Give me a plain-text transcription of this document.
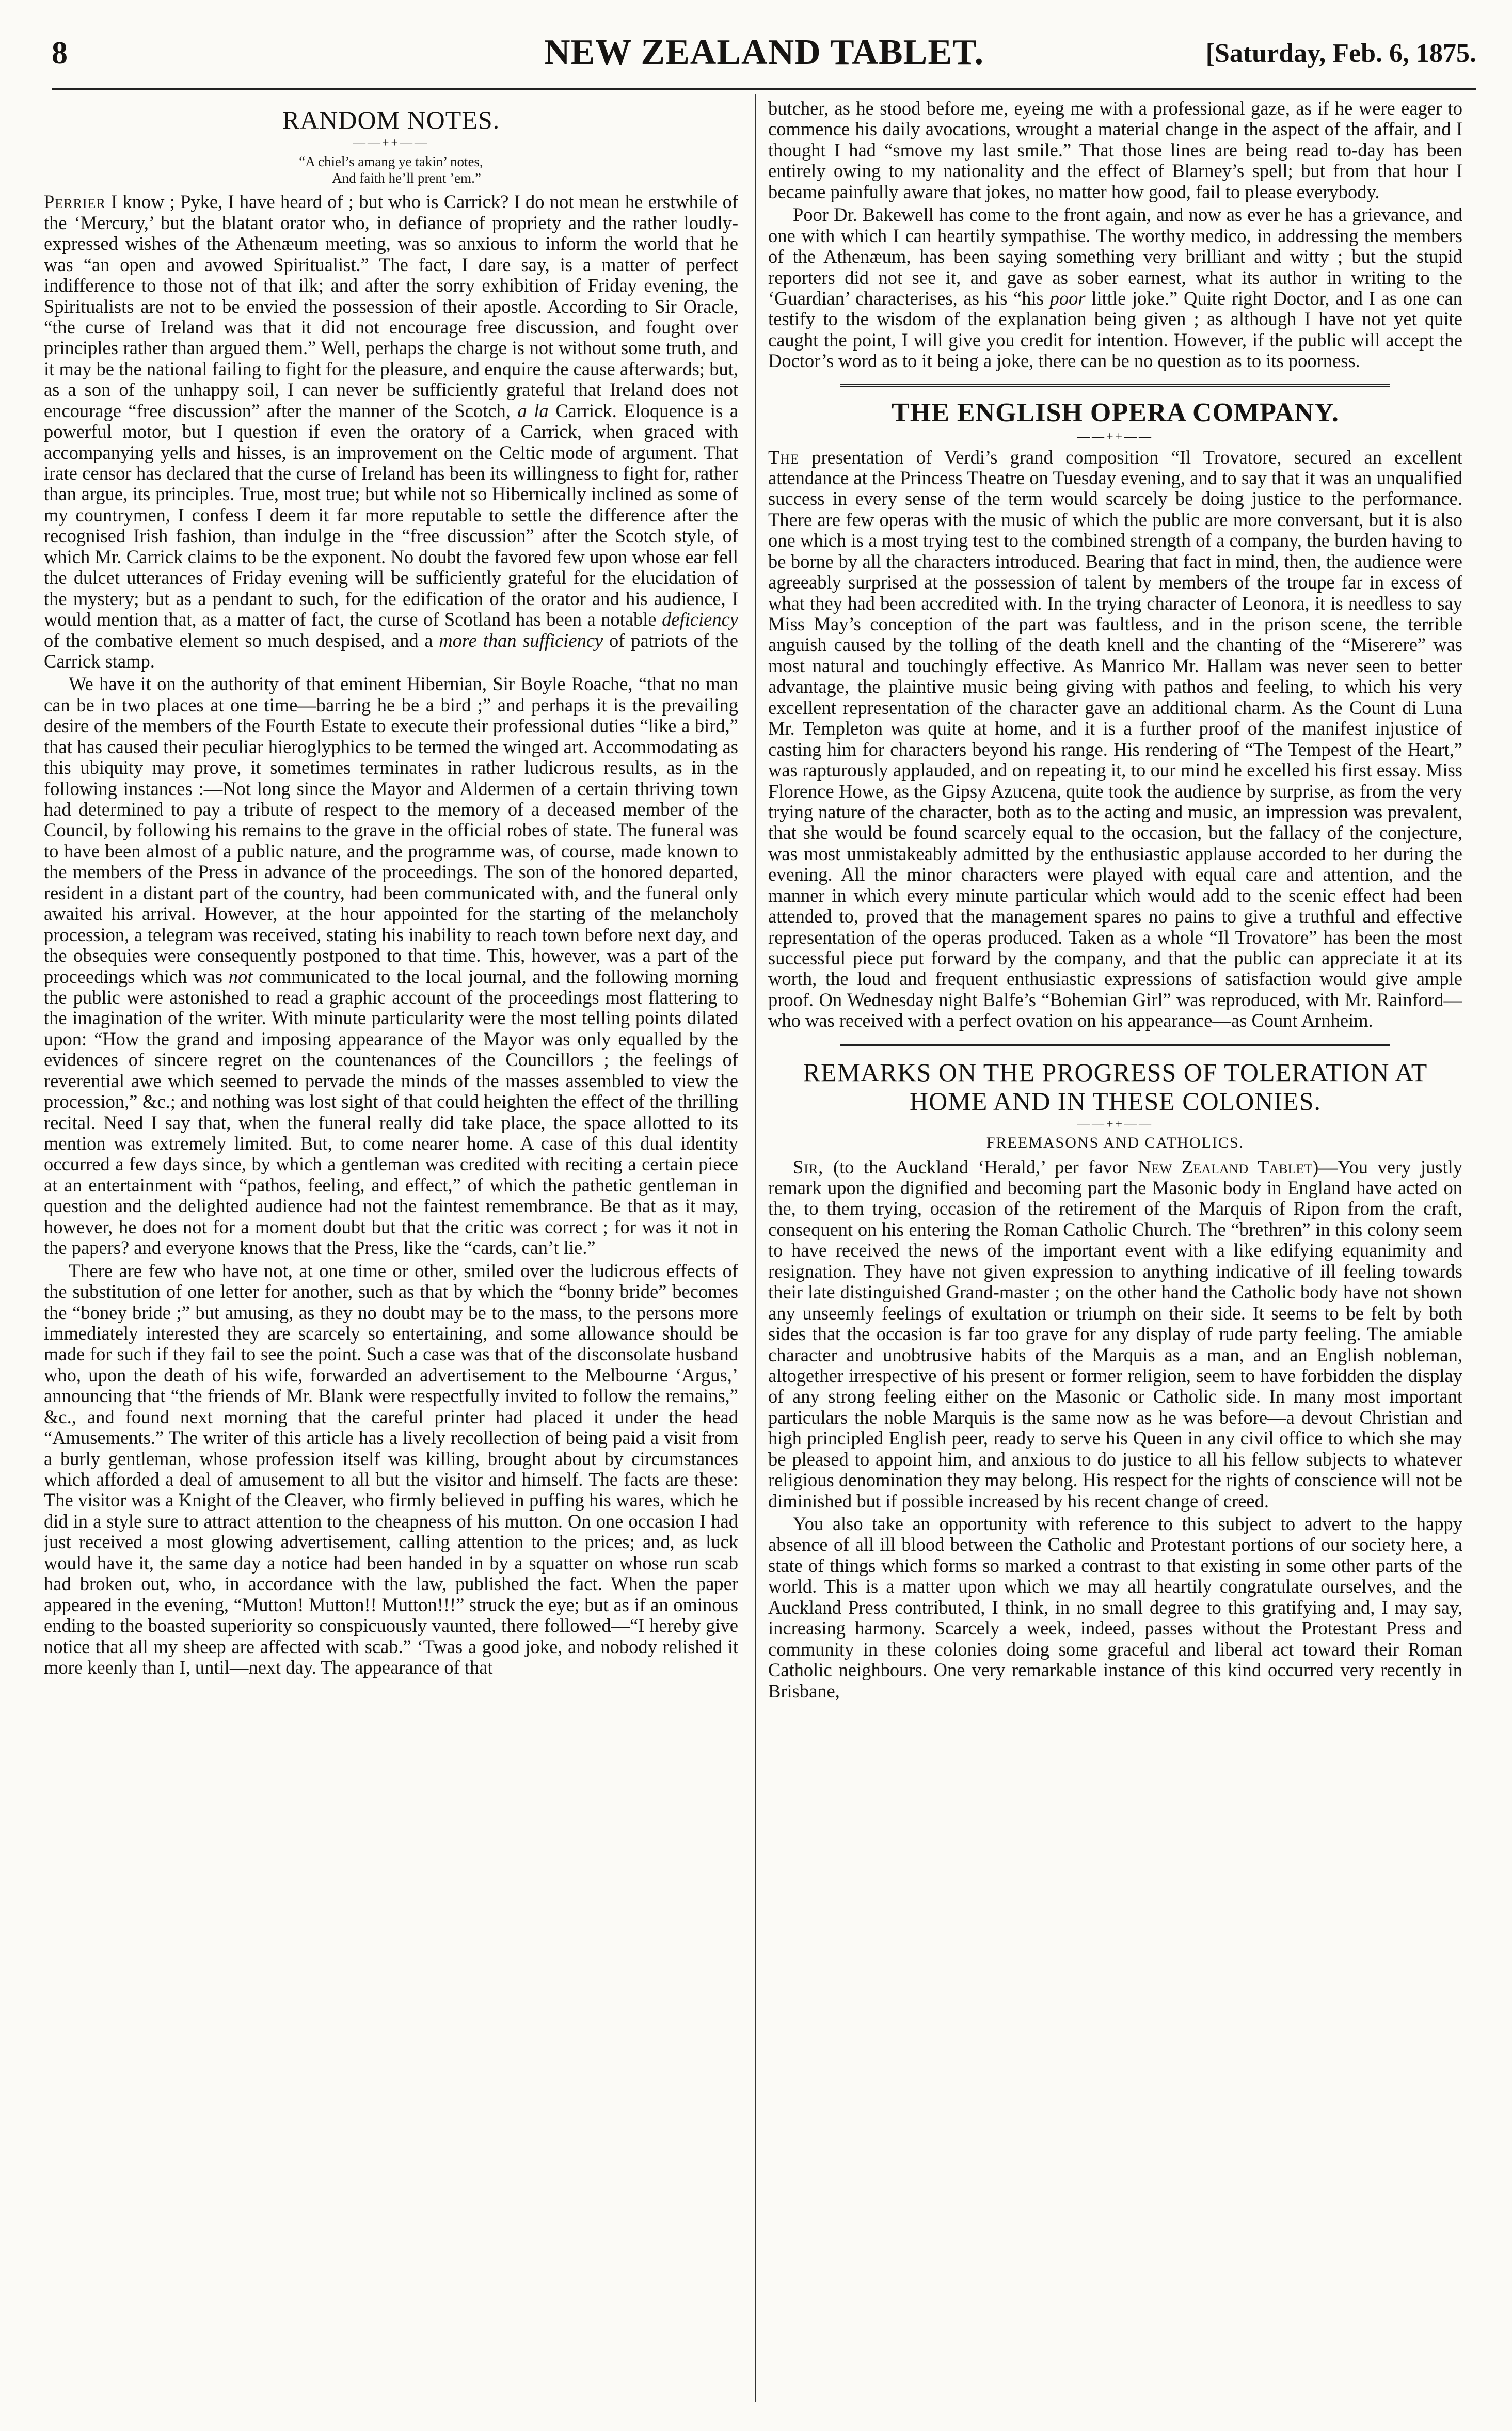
8	NEW ZEALAND TABLET.	[Saturday, Feb. 6, 1875.
RANDOM NOTES.
——++——
“A chiel’s amang ye takin’ notes,
And faith he’ll prent ’em.”

Perrier I know ; Pyke, I have heard of ; but who is Carrick? I do not mean he erstwhile of the ‘Mercury,’ but the blatant orator who, in defiance of propriety and the rather loudly-expressed wishes of the Athenæum meeting, was so anxious to inform the world that he was “an open and avowed Spiritualist.” The fact, I dare say, is a matter of perfect indifference to those not of that ilk; and after the sorry exhibition of Friday evening, the Spiritualists are not to be envied the possession of their apostle. According to Sir Oracle, “the curse of Ireland was that it did not encourage free discussion, and fought over principles rather than argued them.” Well, perhaps the charge is not without some truth, and it may be the national failing to fight for the pleasure, and enquire the cause afterwards; but, as a son of the unhappy soil, I can never be sufficiently grateful that Ireland does not encourage “free discussion” after the manner of the Scotch, a la Carrick. Eloquence is a powerful motor, but I question if even the oratory of a Carrick, when graced with accompanying yells and hisses, is an improvement on the Celtic mode of argument. That irate censor has declared that the curse of Ireland has been its willingness to fight for, rather than argue, its principles. True, most true; but while not so Hibernically inclined as some of my countrymen, I confess I deem it far more reputable to settle the difference after the recognised Irish fashion, than indulge in the “free discussion” after the Scotch style, of which Mr. Carrick claims to be the exponent. No doubt the favored few upon whose ear fell the dulcet utterances of Friday evening will be sufficiently grateful for the elucidation of the mystery; but as a pendant to such, for the edification of the orator and his audience, I would mention that, as a matter of fact, the curse of Scotland has been a notable deficiency of the combative element so much despised, and a more than sufficiency of patriots of the Carrick stamp.

We have it on the authority of that eminent Hibernian, Sir Boyle Roache, “that no man can be in two places at one time—barring he be a bird ;” and perhaps it is the prevailing desire of the members of the Fourth Estate to execute their professional duties “like a bird,” that has caused their peculiar hieroglyphics to be termed the winged art. Accommodating as this ubiquity may prove, it sometimes terminates in rather ludicrous results, as in the following instances :—Not long since the Mayor and Aldermen of a certain thriving town had determined to pay a tribute of respect to the memory of a deceased member of the Council, by following his remains to the grave in the official robes of state. The funeral was to have been almost of a public nature, and the programme was, of course, made known to the members of the Press in advance of the proceedings. The son of the honored departed, resident in a distant part of the country, had been communicated with, and the funeral only awaited his arrival. However, at the hour appointed for the starting of the melancholy procession, a telegram was received, stating his inability to reach town before next day, and the obsequies were consequently postponed to that time. This, however, was a part of the proceedings which was not communicated to the local journal, and the following morning the public were astonished to read a graphic account of the proceedings most flattering to the imagination of the writer. With minute particularity were the most telling points dilated upon: “How the grand and imposing appearance of the Mayor was only equalled by the evidences of sincere regret on the countenances of the Councillors ; the feelings of reverential awe which seemed to pervade the minds of the masses assembled to view the procession,” &c.; and nothing was lost sight of that could heighten the effect of the thrilling recital. Need I say that, when the funeral really did take place, the space allotted to its mention was extremely limited. But, to come nearer home. A case of this dual identity occurred a few days since, by which a gentleman was credited with reciting a certain piece at an entertainment with “pathos, feeling, and effect,” of which the pathetic gentleman in question and the delighted audience had not the faintest remembrance. Be that as it may, however, he does not for a moment doubt but that the critic was correct ; for was it not in the papers? and everyone knows that the Press, like the “cards, can’t lie.”

There are few who have not, at one time or other, smiled over the ludicrous effects of the substitution of one letter for another, such as that by which the “bonny bride” becomes the “boney bride ;” but amusing, as they no doubt may be to the mass, to the persons more immediately interested they are scarcely so entertaining, and some allowance should be made for such if they fail to see the point. Such a case was that of the disconsolate husband who, upon the death of his wife, forwarded an advertisement to the Melbourne ‘Argus,’ announcing that “the friends of Mr. Blank were respectfully invited to follow the remains,” &c., and found next morning that the careful printer had placed it under the head “Amusements.” The writer of this article has a lively recollection of being paid a visit from a burly gentleman, whose profession itself was killing, brought about by circumstances which afforded a deal of amusement to all but the visitor and himself. The facts are these: The visitor was a Knight of the Cleaver, who firmly believed in puffing his wares, which he did in a style sure to attract attention to the cheapness of his mutton. On one occasion I had just received a most glowing advertisement, calling attention to the prices; and, as luck would have it, the same day a notice had been handed in by a squatter on whose run scab had broken out, who, in accordance with the law, published the fact. When the paper appeared in the evening, “Mutton! Mutton!! Mutton!!!” struck the eye; but as if an ominous ending to the boasted superiority so conspicuously vaunted, there followed—“I hereby give notice that all my sheep are affected with scab.” ‘Twas a good joke, and nobody relished it more keenly than I, until—next day. The appearance of that

butcher, as he stood before me, eyeing me with a professional gaze, as if he were eager to commence his daily avocations, wrought a material change in the aspect of the affair, and I thought I had “smove my last smile.” That those lines are being read to-day has been entirely owing to my nationality and the effect of Blarney’s spell; but from that hour I became painfully aware that jokes, no matter how good, fail to please everybody.

Poor Dr. Bakewell has come to the front again, and now as ever he has a grievance, and one with which I can heartily sympathise. The worthy medico, in addressing the members of the Athenæum, has been saying something very brilliant and witty ; but the stupid reporters did not see it, and gave as sober earnest, what its author in writing to the ‘Guardian’ characterises, as his “his poor little joke.” Quite right Doctor, and I as one can testify to the wisdom of the explanation being given ; as although I have not yet quite caught the point, I will give you credit for intention. However, if the public will accept the Doctor’s word as to it being a joke, there can be no question as to its poorness.

THE ENGLISH OPERA COMPANY.
——++——

The presentation of Verdi’s grand composition “Il Trovatore, secured an excellent attendance at the Princess Theatre on Tuesday evening, and to say that it was an unqualified success in every sense of the term would scarcely be doing justice to the performance. There are few operas with the music of which the public are more conversant, but it is also one which is a most trying test to the combined strength of a company, the burden having to be borne by all the characters introduced. Bearing that fact in mind, then, the audience were agreeably surprised at the possession of talent by members of the troupe far in excess of what they had been accredited with. In the trying character of Leonora, it is needless to say Miss May’s conception of the part was faultless, and in the prison scene, the terrible anguish caused by the tolling of the death knell and the chanting of the “Miserere” was most natural and touchingly effective. As Manrico Mr. Hallam was never seen to better advantage, the plaintive music being giving with pathos and feeling, to which his very excellent representation of the character gave an additional charm. As the Count di Luna Mr. Templeton was quite at home, and it is a further proof of the manifest injustice of casting him for characters beyond his range. His rendering of “The Tempest of the Heart,” was rapturously applauded, and on repeating it, to our mind he excelled his first essay. Miss Florence Howe, as the Gipsy Azucena, quite took the audience by surprise, as from the very trying nature of the character, both as to the acting and music, an impression was prevalent, that she would be found scarcely equal to the occasion, but the fallacy of the conjecture, was most unmistakeably admitted by the enthusiastic applause accorded to her during the evening. All the minor characters were played with equal care and attention, and the manner in which every minute particular which would add to the scenic effect had been attended to, proved that the management spares no pains to give a truthful and effective representation of the operas produced. Taken as a whole “Il Trovatore” has been the most successful piece put forward by the company, and that the public can appreciate it at its worth, the loud and frequent enthusiastic expressions of satisfaction would give ample proof. On Wednesday night Balfe’s “Bohemian Girl” was reproduced, with Mr. Rainford—who was received with a perfect ovation on his appearance—as Count Arnheim.

REMARKS ON THE PROGRESS OF TOLERATION AT HOME AND IN THESE COLONIES.
——++——
FREEMASONS AND CATHOLICS.

Sir, (to the Auckland ‘Herald,’ per favor New Zealand Tablet)—You very justly remark upon the dignified and becoming part the Masonic body in England have acted on the, to them trying, occasion of the retirement of the Marquis of Ripon from the craft, consequent on his entering the Roman Catholic Church. The “brethren” in this colony seem to have received the news of the important event with a like edifying equanimity and resignation. They have not given expression to anything indicative of ill feeling towards their late distinguished Grand-master ; on the other hand the Catholic body have not shown any unseemly feelings of exultation or triumph on their side. It seems to be felt by both sides that the occasion is far too grave for any display of rude party feeling. The amiable character and unobtrusive habits of the Marquis as a man, and an English nobleman, altogether irrespective of his present or former religion, seem to have forbidden the display of any strong feeling either on the Masonic or Catholic side. In many most important particulars the noble Marquis is the same now as he was before—a devout Christian and high principled English peer, ready to serve his Queen in any civil office to which she may be pleased to appoint him, and anxious to do justice to all his fellow subjects to whatever religious denomination they may belong. His respect for the rights of conscience will not be diminished but if possible increased by his recent change of creed.

You also take an opportunity with reference to this subject to advert to the happy absence of all ill blood between the Catholic and Protestant portions of our society here, a state of things which forms so marked a contrast to that existing in some other parts of the world. This is a matter upon which we may all heartily congratulate ourselves, and the Auckland Press contributed, I think, in no small degree to this gratifying and, I may say, increasing harmony. Scarcely a week, indeed, passes without the Protestant Press and community in these colonies doing some graceful and liberal act toward their Roman Catholic neighbours. One very remarkable instance of this kind occurred very recently in Brisbane,
